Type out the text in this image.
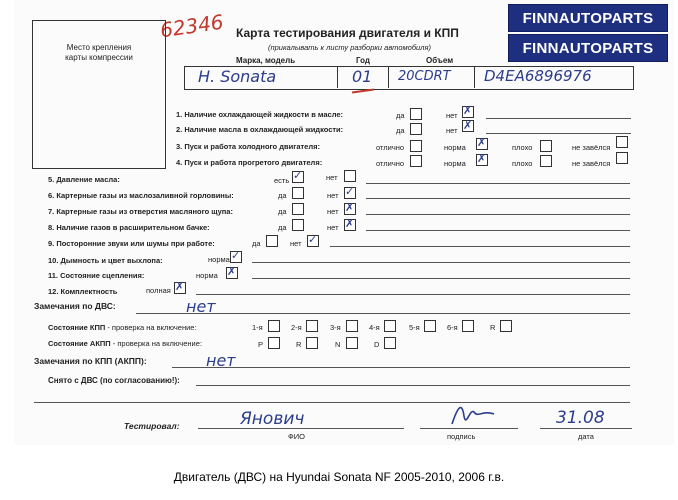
FINNAUTOPARTS
FINNAUTOPARTS
62346
Место крепления
карты компрессии
Карта тестирования двигателя и КПП
(прикалывать к листу разборки автомобиля)
Марка, модель	Год	Объем
H. Sonata	01 20CDRT D4EA6896976
1. Наличие охлаждающей жидкости в масле:	да	нет ✗
2. Наличие масла в охлаждающей жидкости:	да	нет ✗
3. Пуск и работа холодного двигателя:	отлично	норма ✗	плохо	не завёлся
4. Пуск и работа прогретого двигателя:	отлично	норма ✗	плохо	не завёлся
5. Давление масла:	есть ✓	нет
6. Картерные газы из маслозаливной горловины:	да	нет ✓
7. Картерные газы из отверстия масляного щупа:	да	нет ✗
8. Наличие газов в расширительном бачке:	да	нет ✗
9. Посторонние звуки или шумы при работе:	да	нет ✓
10. Дымность и цвет выхлопа:	норма ✓
11. Состояние сцепления:	норма ✗
12. Комплектность	полная ✗
Замечания по ДВС:	нет
Состояние КПП - проверка на включение:	1-я	2-я	3-я	4-я	5-я	6-я	R
Состояние АКПП - проверка на включение:	P	R	N	D
Замечания по КПП (АКПП):	нет
Снято с ДВС (по согласованию!):
Тестировал:	Янович
ФИО	подпись
31.08
дата
Двигатель (ДВС) на Hyundai Sonata NF 2005-2010, 2006 г.в.
